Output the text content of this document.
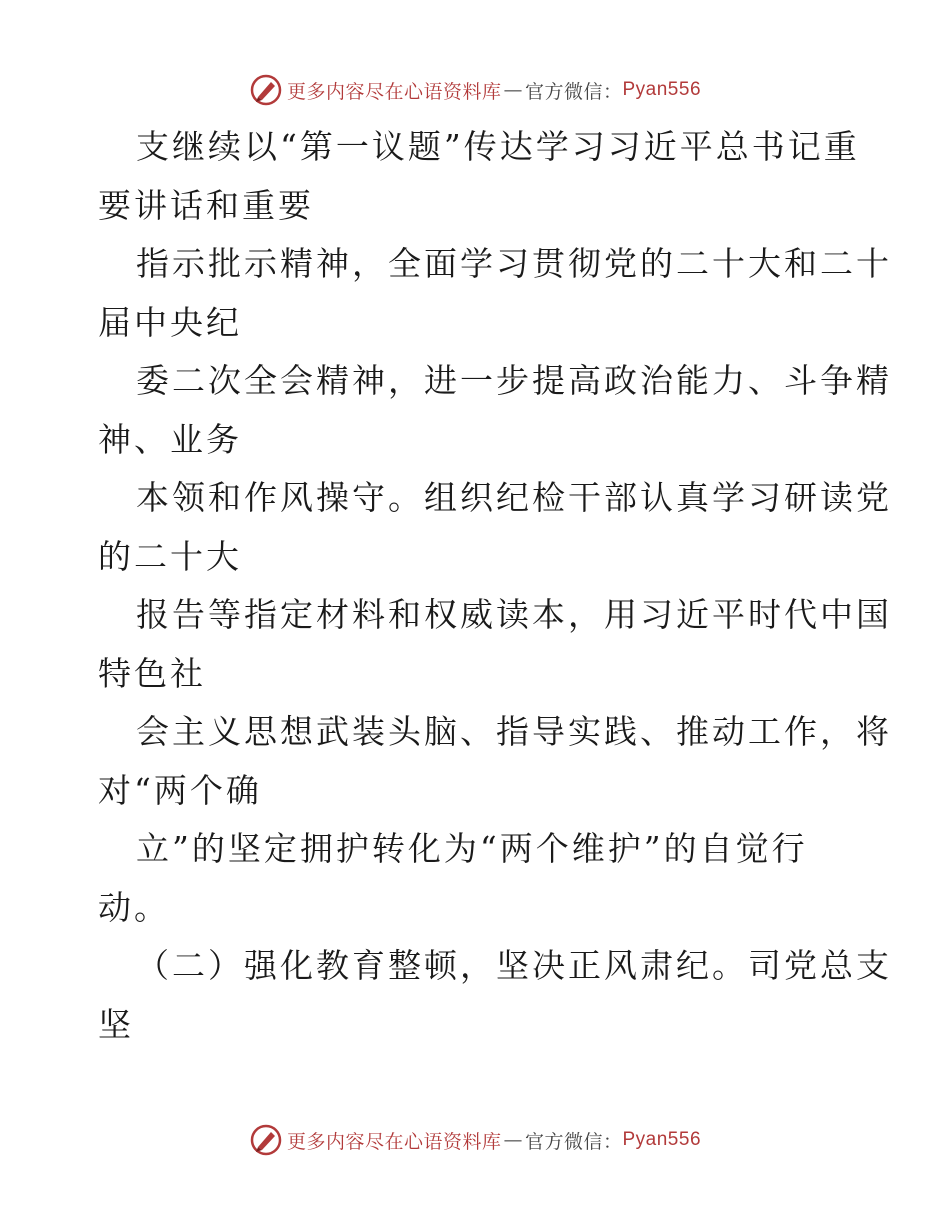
更多内容尽在心语资料库 — 官方微信： Pyan556
支继续以“第一议题”传达学习习近平总书记重
要讲话和重要
指示批示精神，全面学习贯彻党的二十大和二十
届中央纪
委二次全会精神，进一步提高政治能力、斗争精
神、业务
本领和作风操守。组织纪检干部认真学习研读党
的二十大
报告等指定材料和权威读本，用习近平时代中国
特色社
会主义思想武装头脑、指导实践、推动工作，将
对“两个确
立”的坚定拥护转化为“两个维护”的自觉行
动。
（二）强化教育整顿，坚决正风肃纪。司党总支
坚
更多内容尽在心语资料库 — 官方微信： Pyan556
